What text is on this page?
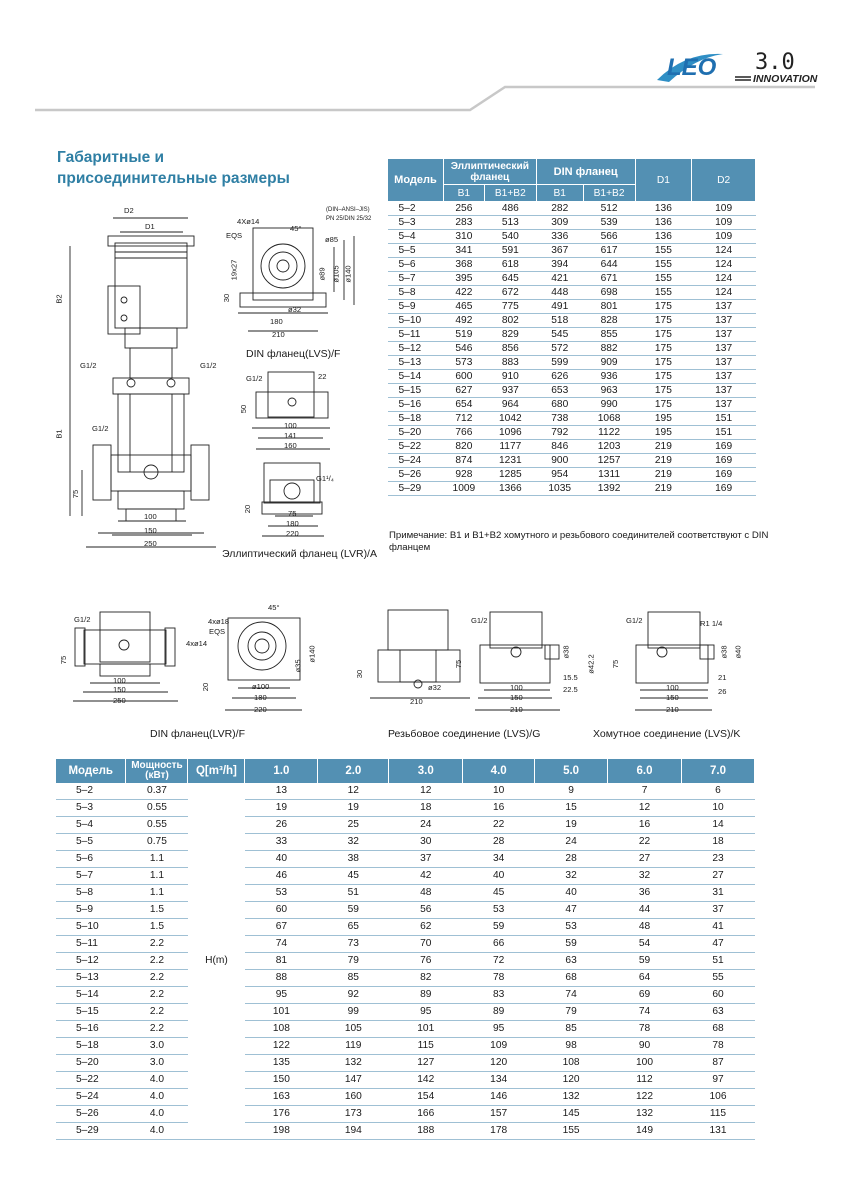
LEO 3.0
INNOVATION
Габаритные и
присоединительные размеры	Модель	Эллиптический фланец		DIN фланец		D1	D2
	B1	B1+B2	B1	B1+B2		
5–2	256	486	282	512	136	109
5–3	283	513	309	539	136	109
5–4	310	540	336	566	136	109
5–5	341	591	367	617	155	124
5–6	368	618	394	644	155	124
5–7	395	645	421	671	155	124
5–8	422	672	448	698	155	124
5–9	465	775	491	801	175	137
5–10	492	802	518	828	175	137
5–11	519	829	545	855	175	137
5–12	546	856	572	882	175	137
5–13	573	883	599	909	175	137
5–14	600	910	626	936	175	137
5–15	627	937	653	963	175	137
5–16	654	964	680	990	175	137
5–18	712	1042	738	1068	195	151
5–20	766	1096	792	1122	195	151
5–22	820	1177	846	1203	219	169
5–24	874	1231	900	1257	219	169
5–26	928	1285	954	1311	219	169
5–29	1009	1366	1035	1392	219	169
Примечание: B1 и B1+B2 хомутного и резьбового соединителей соответствуют с DIN фланцем
DIN фланец(LVS)/F
Эллиптический фланец (LVR)/A
DIN фланец(LVR)/F	Резьбовое соединение (LVS)/G	Хомутное соединение (LVS)/K
D2
D1
B2
B1
G1/2	G1/2
G1/2
75
100
150
250
(DIN–ANSI–JIS)
PN 25/DIN 25/32
4Xø14
EQS
45°
ø85
ø89 ø105 ø140
19x27
30
ø32
180
210
G1/2	22
50
100
141
160
G1¹/₄
20	75
180
220
G1/2
75
100
150
250
4xø18
EQS
4xø14
45°
ø140
ø35
20	ø100
180
220
30
ø32
210
G1/2
75
ø38
ø42.2
15.5
22.5
100
150
210
G1/2	R1 1/4
75
ø38 ø40
21
26
100
150
210
Модель	Мощность (кВт)	Q[m³/h]	1.0	2.0	3.0	4.0	5.0	6.0	7.0
5–2	0.37	H(m)	13	12	12	10	9	7	6
5–3	0.55		19	19	18	16	15	12	10
5–4	0.55		26	25	24	22	19	16	14
5–5	0.75		33	32	30	28	24	22	18
5–6	1.1		40	38	37	34	28	27	23
5–7	1.1		46	45	42	40	32	32	27
5–8	1.1		53	51	48	45	40	36	31
5–9	1.5		60	59	56	53	47	44	37
5–10	1.5		67	65	62	59	53	48	41
5–11	2.2		74	73	70	66	59	54	47
5–12	2.2		81	79	76	72	63	59	51
5–13	2.2		88	85	82	78	68	64	55
5–14	2.2		95	92	89	83	74	69	60
5–15	2.2		101	99	95	89	79	74	63
5–16	2.2		108	105	101	95	85	78	68
5–18	3.0		122	119	115	109	98	90	78
5–20	3.0		135	132	127	120	108	100	87
5–22	4.0		150	147	142	134	120	112	97
5–24	4.0		163	160	154	146	132	122	106
5–26	4.0		176	173	166	157	145	132	115
5–29	4.0		198	194	188	178	155	149	131
